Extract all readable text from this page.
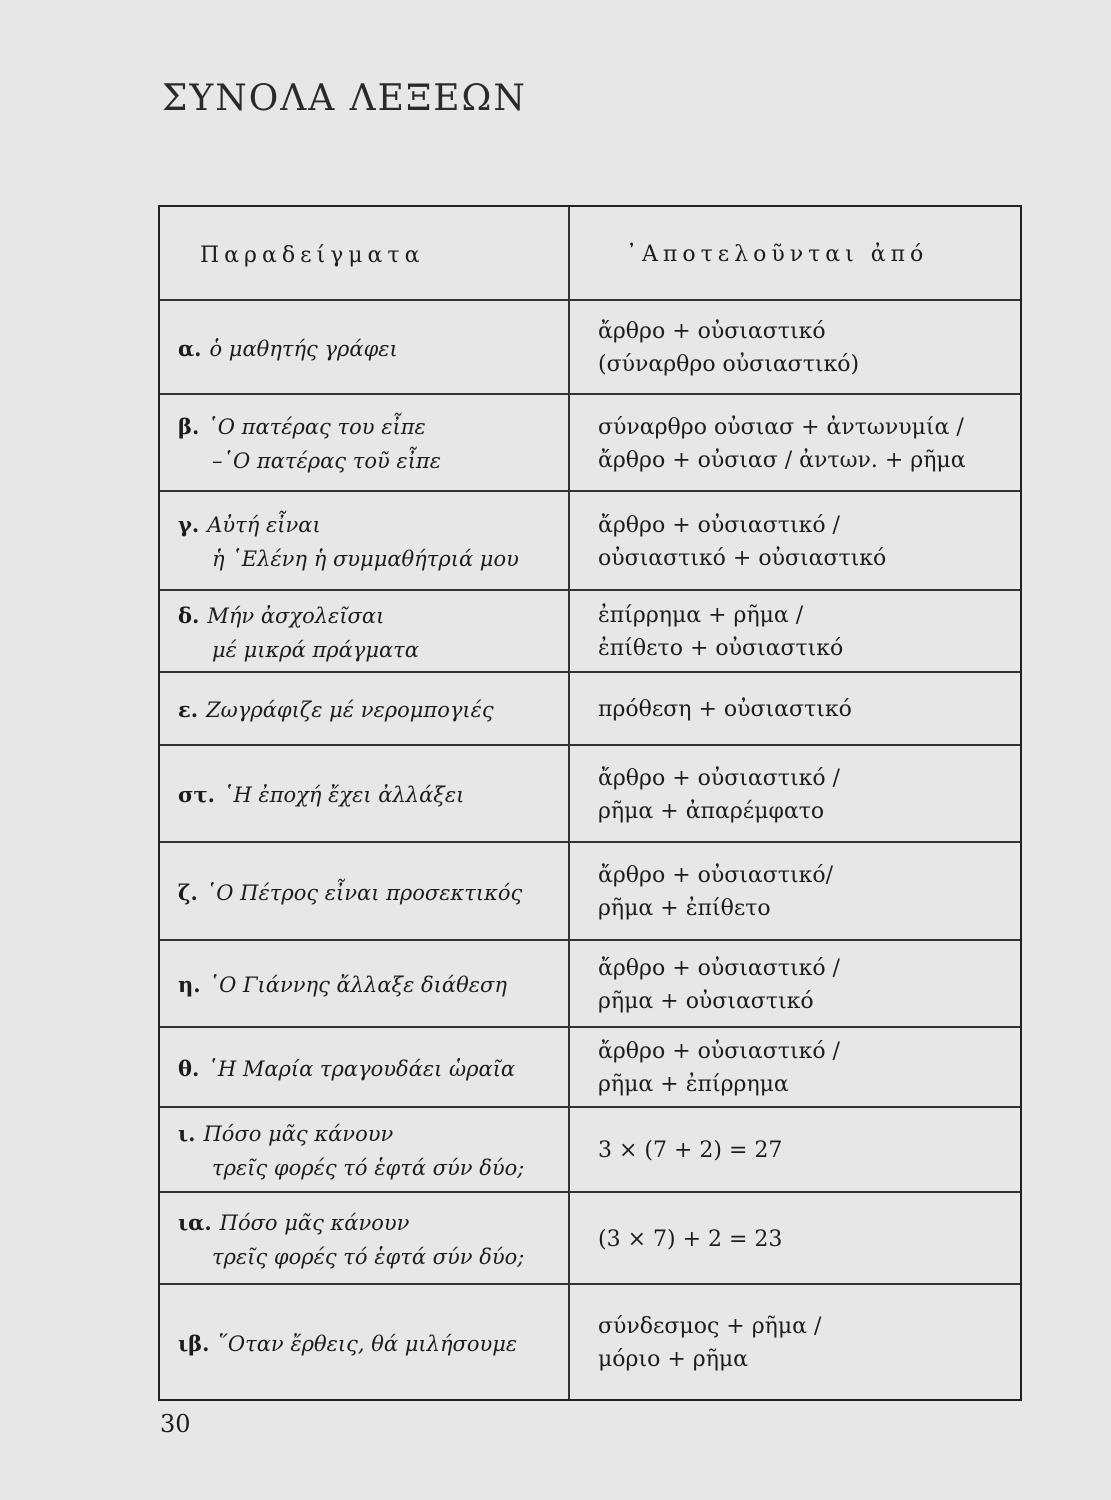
ΣΥΝΟΛΑ ΛΕΞΕΩΝ
Παραδείγματα	᾿Αποτελοῦνται ἀπό
α. ὁ μαθητής γράφει
ἄρθρο + οὐσιαστικό
(σύναρθρο οὐσιαστικό)
β. ῾Ο πατέρας του εἶπε
–῾Ο πατέρας τοῦ εἶπε
σύναρθρο οὐσιασ + ἀντωνυμία /
ἄρθρο + οὐσιασ / ἀντων. + ρῆμα
γ. Αὐτή εἶναι
ἡ ῾Ελένη ἡ συμμαθήτριά μου
ἄρθρο + οὐσιαστικό /
οὐσιαστικό + οὐσιαστικό
δ. Μήν ἀσχολεῖσαι
μέ μικρά πράγματα
ἐπίρρημα + ρῆμα /
ἐπίθετο + οὐσιαστικό
ε. Ζωγράφιζε μέ νερομπογιές	πρόθεση + οὐσιαστικό
στ. ῾Η ἐποχή ἔχει ἀλλάξει
ἄρθρο + οὐσιαστικό /
ρῆμα + ἀπαρέμφατο
ζ. ῾Ο Πέτρος εἶναι προσεκτικός
ἄρθρο + οὐσιαστικό/
ρῆμα + ἐπίθετο
η. ῾Ο Γιάννης ἄλλαξε διάθεση
ἄρθρο + οὐσιαστικό /
ρῆμα + οὐσιαστικό
θ. ῾Η Μαρία τραγουδάει ὡραῖα
ἄρθρο + οὐσιαστικό /
ρῆμα + ἐπίρρημα
ι. Πόσο μᾶς κάνουν
τρεῖς φορές τό ἑφτά σύν δύο;
3 × (7 + 2) = 27
ια. Πόσο μᾶς κάνουν
τρεῖς φορές τό ἑφτά σύν δύο;
(3 × 7) + 2 = 23
ιβ. ῞Οταν ἔρθεις, θά μιλήσουμε
σύνδεσμος + ρῆμα /
μόριο + ρῆμα
30
